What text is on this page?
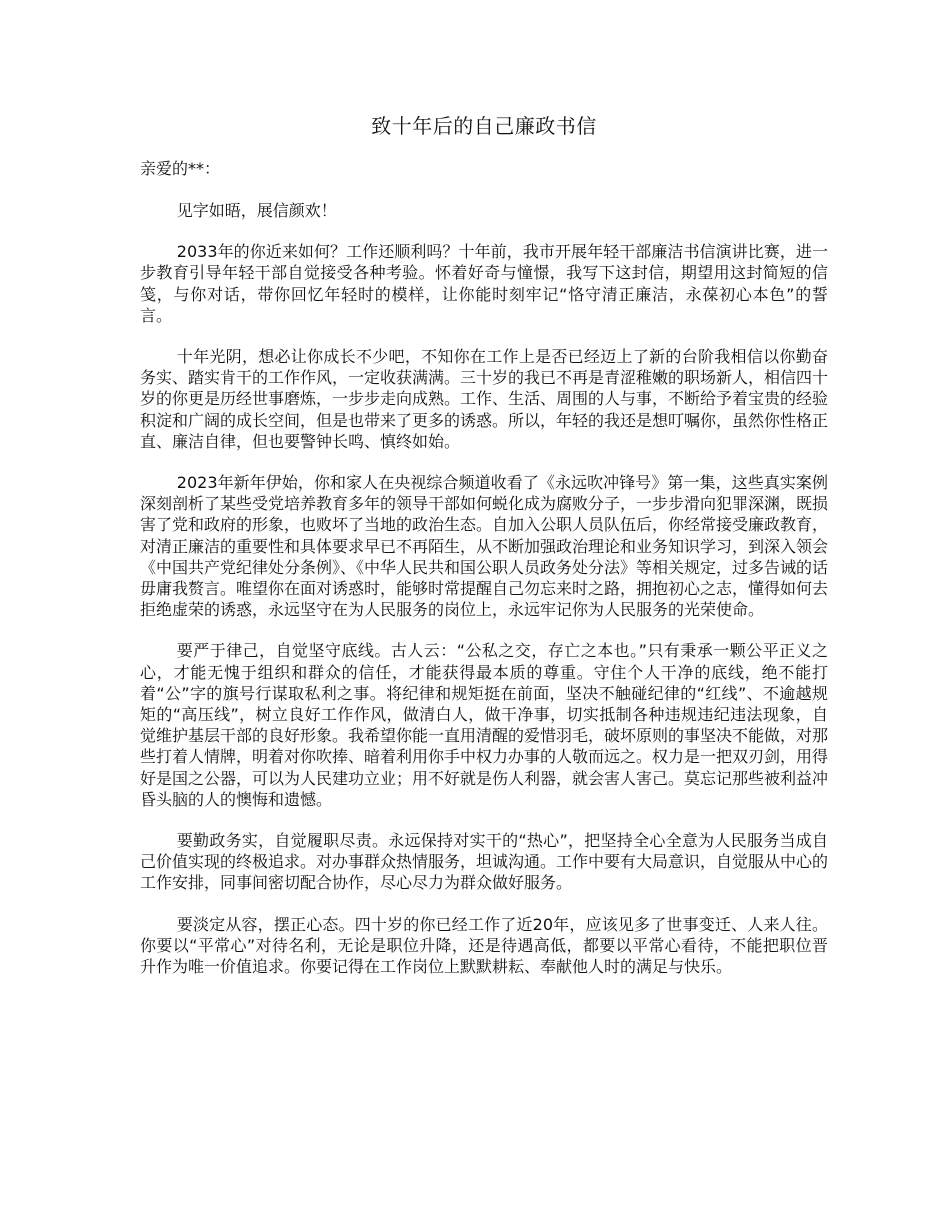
致十年后的自己廉政书信

亲爱的**：

见字如晤，展信颜欢！

2033年的你近来如何？工作还顺利吗？十年前，我市开展年轻干部廉洁书信演讲比赛，进一步教育引导年轻干部自觉接受各种考验。怀着好奇与憧憬，我写下这封信，期望用这封简短的信笺，与你对话，带你回忆年轻时的模样，让你能时刻牢记“恪守清正廉洁，永葆初心本色”的誓言。

十年光阴，想必让你成长不少吧，不知你在工作上是否已经迈上了新的台阶我相信以你勤奋务实、踏实肯干的工作作风，一定收获满满。三十岁的我已不再是青涩稚嫩的职场新人，相信四十岁的你更是历经世事磨炼，一步步走向成熟。工作、生活、周围的人与事，不断给予着宝贵的经验积淀和广阔的成长空间，但是也带来了更多的诱惑。所以，年轻的我还是想叮嘱你，虽然你性格正直、廉洁自律，但也要警钟长鸣、慎终如始。

2023年新年伊始，你和家人在央视综合频道收看了《永远吹冲锋号》第一集，这些真实案例深刻剖析了某些受党培养教育多年的领导干部如何蜕化成为腐败分子，一步步滑向犯罪深渊，既损害了党和政府的形象，也败坏了当地的政治生态。自加入公职人员队伍后，你经常接受廉政教育，对清正廉洁的重要性和具体要求早已不再陌生，从不断加强政治理论和业务知识学习，到深入领会《中国共产党纪律处分条例》、《中华人民共和国公职人员政务处分法》等相关规定，过多告诫的话毋庸我赘言。唯望你在面对诱惑时，能够时常提醒自己勿忘来时之路，拥抱初心之志，懂得如何去拒绝虚荣的诱惑，永远坚守在为人民服务的岗位上，永远牢记你为人民服务的光荣使命。

要严于律己，自觉坚守底线。古人云：“公私之交，存亡之本也。”只有秉承一颗公平正义之心，才能无愧于组织和群众的信任，才能获得最本质的尊重。守住个人干净的底线，绝不能打着“公”字的旗号行谋取私利之事。将纪律和规矩挺在前面，坚决不触碰纪律的“红线”、不逾越规矩的“高压线”，树立良好工作作风，做清白人，做干净事，切实抵制各种违规违纪违法现象，自觉维护基层干部的良好形象。我希望你能一直用清醒的爱惜羽毛，破坏原则的事坚决不能做，对那些打着人情牌，明着对你吹捧、暗着利用你手中权力办事的人敬而远之。权力是一把双刃剑，用得好是国之公器，可以为人民建功立业；用不好就是伤人利器，就会害人害己。莫忘记那些被利益冲昏头脑的人的懊悔和遗憾。

要勤政务实，自觉履职尽责。永远保持对实干的“热心”，把坚持全心全意为人民服务当成自己价值实现的终极追求。对办事群众热情服务，坦诚沟通。工作中要有大局意识，自觉服从中心的工作安排，同事间密切配合协作，尽心尽力为群众做好服务。

要淡定从容，摆正心态。四十岁的你已经工作了近20年，应该见多了世事变迁、人来人往。你要以“平常心”对待名利，无论是职位升降，还是待遇高低，都要以平常心看待，不能把职位晋升作为唯一价值追求。你要记得在工作岗位上默默耕耘、奉献他人时的满足与快乐。
